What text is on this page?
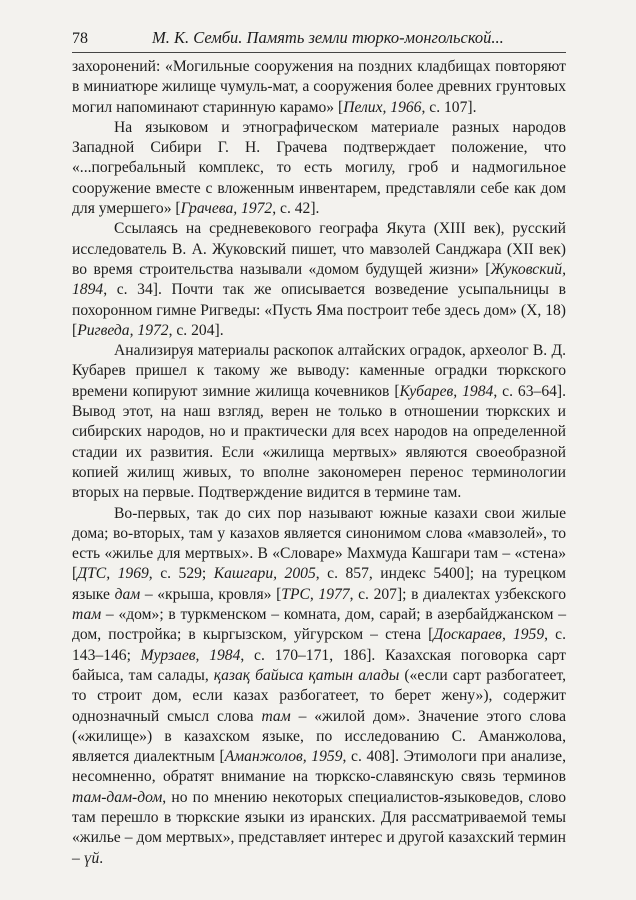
78	М. К. Сембu. Память земли тюрко-монгольской...

захоронений: «Могильные сооружения на поздних кладбищах повторяют в миниатюре жилище чумуль-мат, а сооружения более древних грунтовых могил напоминают старинную карамо» [Пелих, 1966, с. 107].

На языковом и этнографическом материале разных народов Западной Сибири Г. Н. Грачева подтверждает положение, что «...погребальный комплекс, то есть могилу, гроб и надмогильное сооружение вместе с вложенным инвентарем, представляли себе как дом для умершего» [Грачева, 1972, с. 42].

Ссылаясь на средневекового географа Якута (XIII век), русский исследователь В. А. Жуковский пишет, что мавзолей Санджара (XII век) во время строительства называли «домом будущей жизни» [Жуковский, 1894, с. 34]. Почти так же описывается возведение усыпальницы в похоронном гимне Ригведы: «Пусть Яма построит тебе здесь дом» (X, 18) [Ригведа, 1972, с. 204].

Анализируя материалы раскопок алтайских оградок, археолог В. Д. Кубарев пришел к такому же выводу: каменные оградки тюркского времени копируют зимние жилища кочевников [Кубарев, 1984, с. 63–64]. Вывод этот, на наш взгляд, верен не только в отношении тюркских и сибирских народов, но и практически для всех народов на определенной стадии их развития. Если «жилища мертвых» являются своеобразной копией жилищ живых, то вполне закономерен перенос терминологии вторых на первые. Подтверждение видится в термине там.

Во-первых, так до сих пор называют южные казахи свои жилые дома; во-вторых, там у казахов является синонимом слова «мавзолей», то есть «жилье для мертвых». В «Словаре» Махмуда Кашгари там – «стена» [ДТС, 1969, с. 529; Кашгари, 2005, с. 857, индекс 5400]; на турецком языке дам – «крыша, кровля» [ТРС, 1977, с. 207]; в диалектах узбекского там – «дом»; в туркменском – комната, дом, сарай; в азербайджанском – дом, постройка; в кыргызском, уйгурском – стена [Доскараев, 1959, с. 143–146; Мурзаев, 1984, с. 170–171, 186]. Казахская поговорка сарт байыса, там салады, қазақ байыса қатын алады («если сарт разбогатеет, то строит дом, если казах разбогатеет, то берет жену»), содержит однозначный смысл слова там – «жилой дом». Значение этого слова («жилище») в казахском языке, по исследованию С. Аманжолова, является диалектным [Аманжолов, 1959, с. 408]. Этимологи при анализе, несомненно, обратят внимание на тюркско-славянскую связь терминов там-дам-дом, но по мнению некоторых специалистов-языковедов, слово там перешло в тюркские языки из иранских. Для рассматриваемой темы «жилье – дом мертвых», представляет интерес и другой казахский термин – үй.
